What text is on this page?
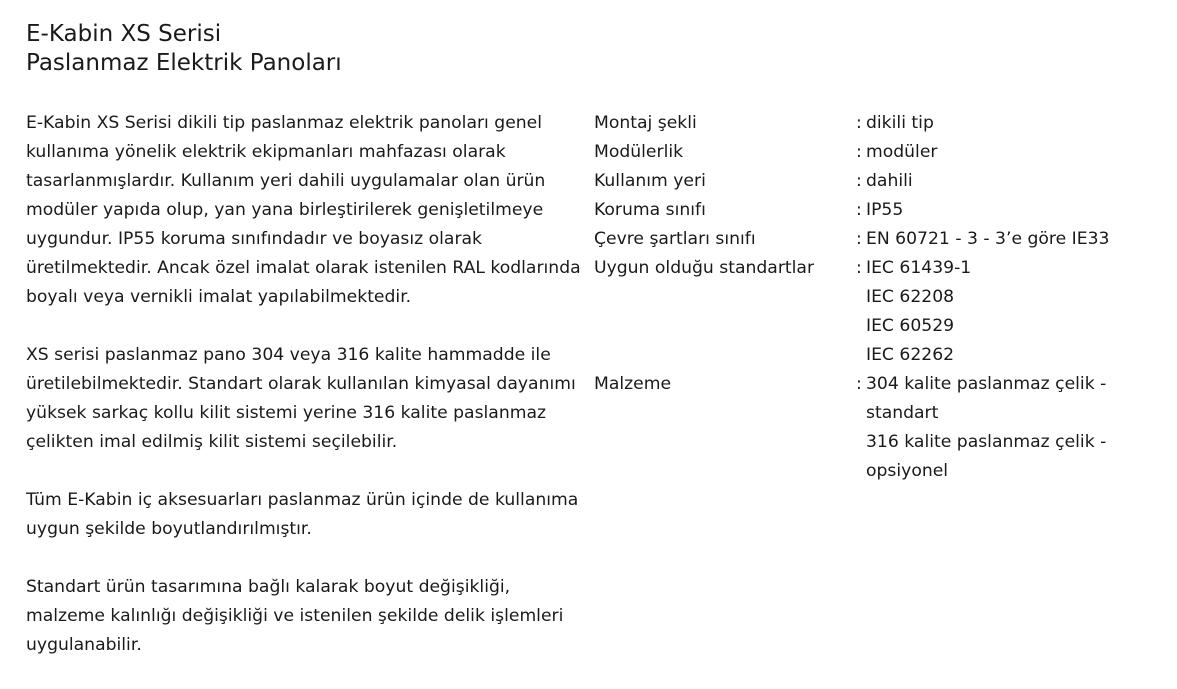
E-Kabin XS Serisi
Paslanmaz Elektrik Panoları
E-Kabin XS Serisi dikili tip paslanmaz elektrik panoları genel
kullanıma yönelik elektrik ekipmanları mahfazası olarak
tasarlanmışlardır. Kullanım yeri dahili uygulamalar olan ürün
modüler yapıda olup, yan yana birleştirilerek genişletilmeye
uygundur. IP55 koruma sınıfındadır ve boyasız olarak
üretilmektedir. Ancak özel imalat olarak istenilen RAL kodlarında
boyalı veya vernikli imalat yapılabilmektedir.
XS serisi paslanmaz pano 304 veya 316 kalite hammadde ile
üretilebilmektedir. Standart olarak kullanılan kimyasal dayanımı
yüksek sarkaç kollu kilit sistemi yerine 316 kalite paslanmaz
çelikten imal edilmiş kilit sistemi seçilebilir.
Tüm E-Kabin iç aksesuarları paslanmaz ürün içinde de kullanıma
uygun şekilde boyutlandırılmıştır.
Standart ürün tasarımına bağlı kalarak boyut değişikliği,
malzeme kalınlığı değişikliği ve istenilen şekilde delik işlemleri
uygulanabilir.
Montaj şekli	: dikili tip
Modülerlik	: modüler
Kullanım yeri	: dahili
Koruma sınıfı	: IP55
Çevre şartları sınıfı	: EN 60721 - 3 - 3’e göre IE33
Uygun olduğu standartlar	: IEC 61439-1
IEC 62208
IEC 60529
IEC 62262
Malzeme	: 304 kalite paslanmaz çelik -
standart
316 kalite paslanmaz çelik -
opsiyonel
